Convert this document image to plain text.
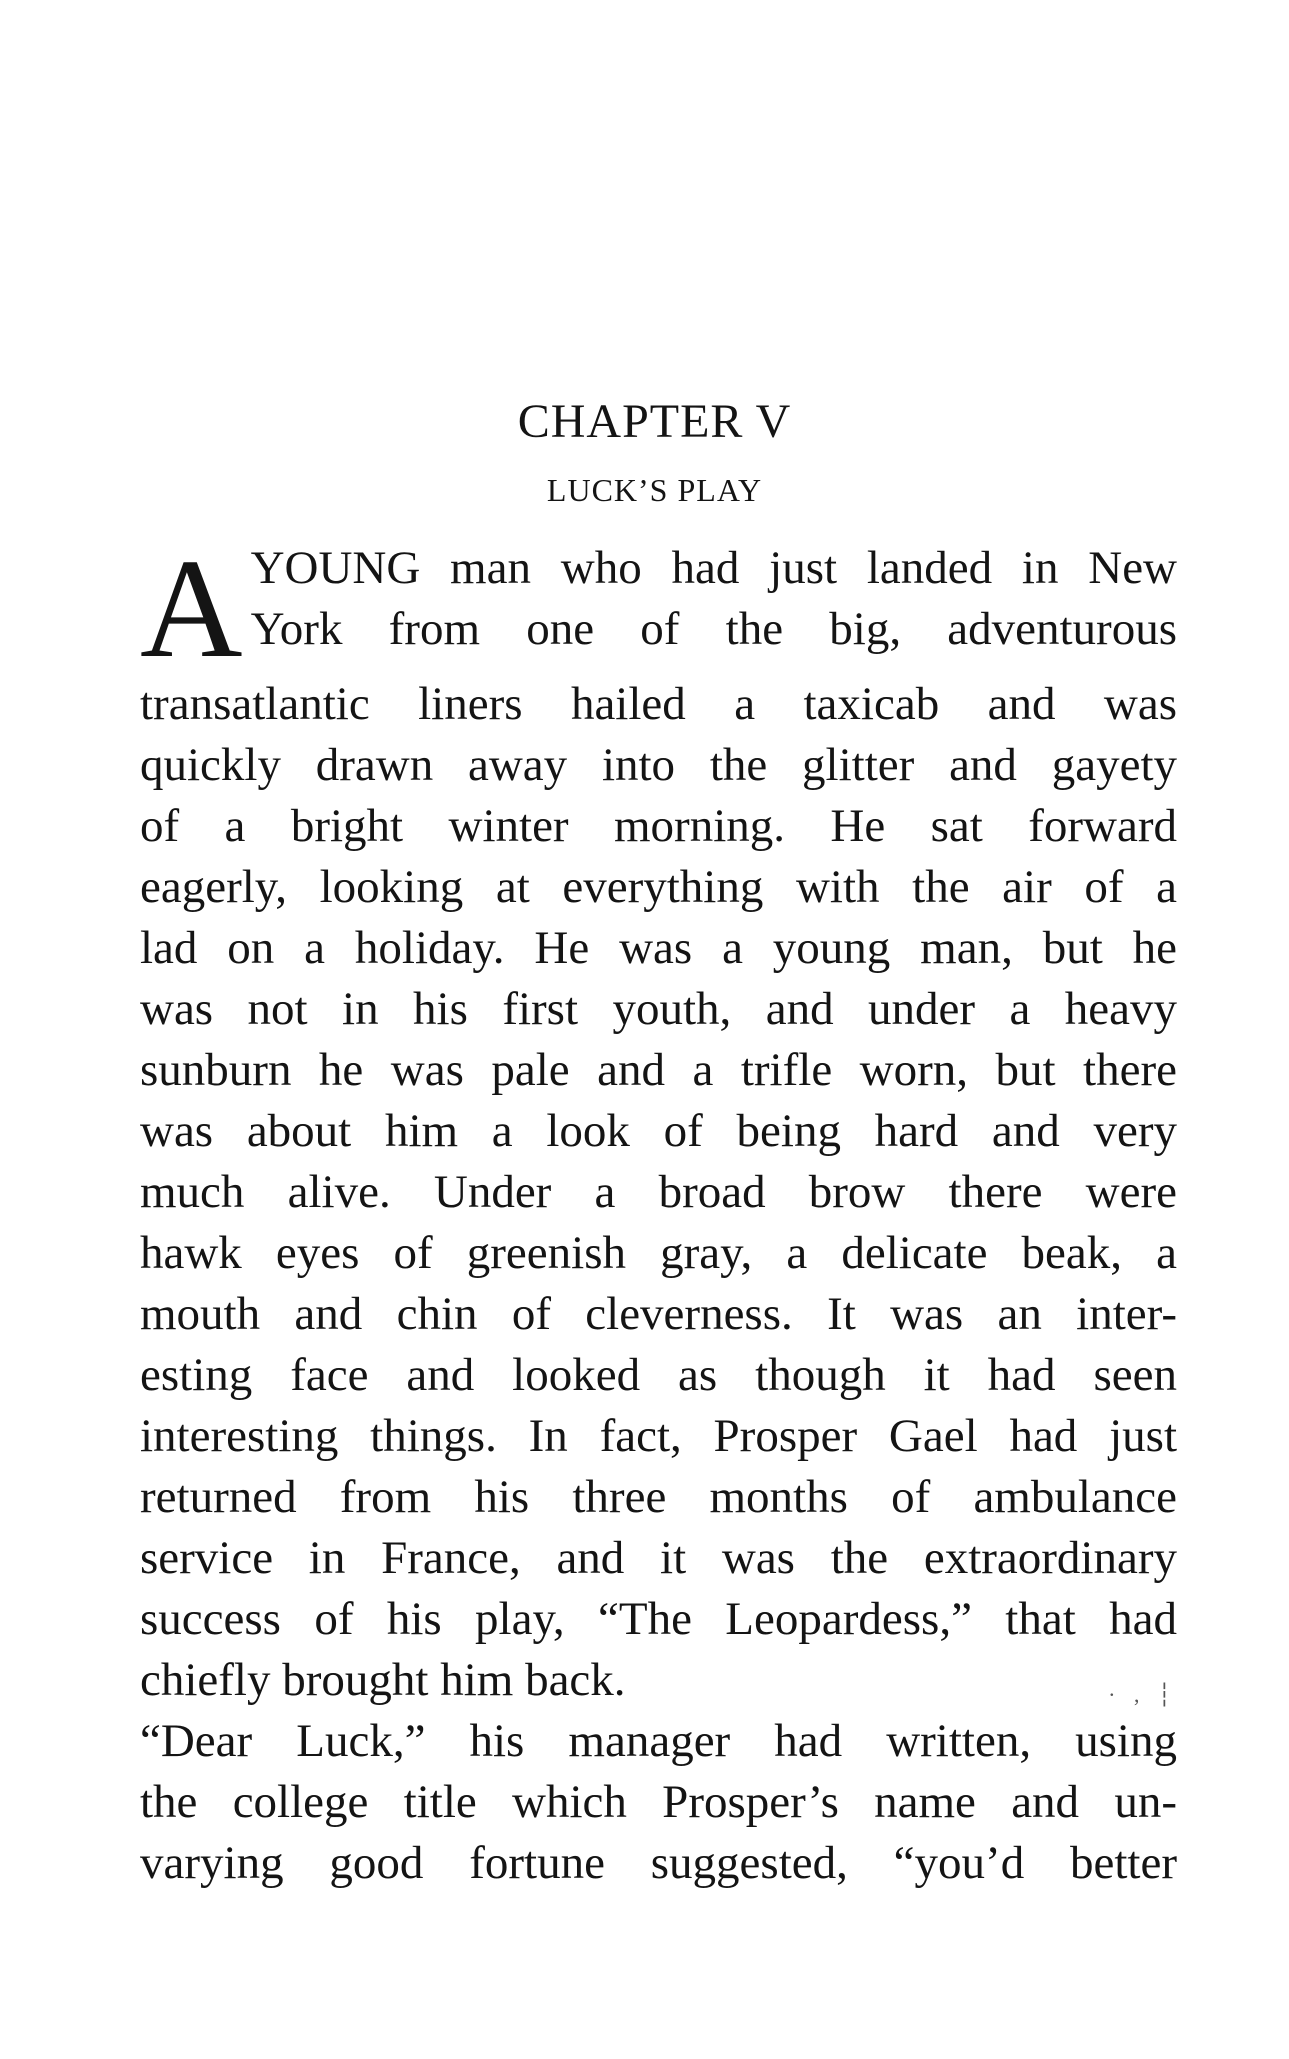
CHAPTER V
LUCK’S PLAY
A YOUNG man who had just landed in New
York from one of the big, adventurous
transatlantic liners hailed a taxicab and was
quickly drawn away into the glitter and gayety
of a bright winter morning. He sat forward
eagerly, looking at everything with the air of a
lad on a holiday. He was a young man, but he
was not in his first youth, and under a heavy
sunburn he was pale and a trifle worn, but there
was about him a look of being hard and very
much alive. Under a broad brow there were
hawk eyes of greenish gray, a delicate beak, a
mouth and chin of cleverness. It was an inter-
esting face and looked as though it had seen
interesting things. In fact, Prosper Gael had just
returned from his three months of ambulance
service in France, and it was the extraordinary
success of his play, “The Leopardess,” that had
chiefly brought him back.	· ‚ ┆
“Dear Luck,” his manager had written, using
the college title which Prosper’s name and un-
varying good fortune suggested, “you’d better
